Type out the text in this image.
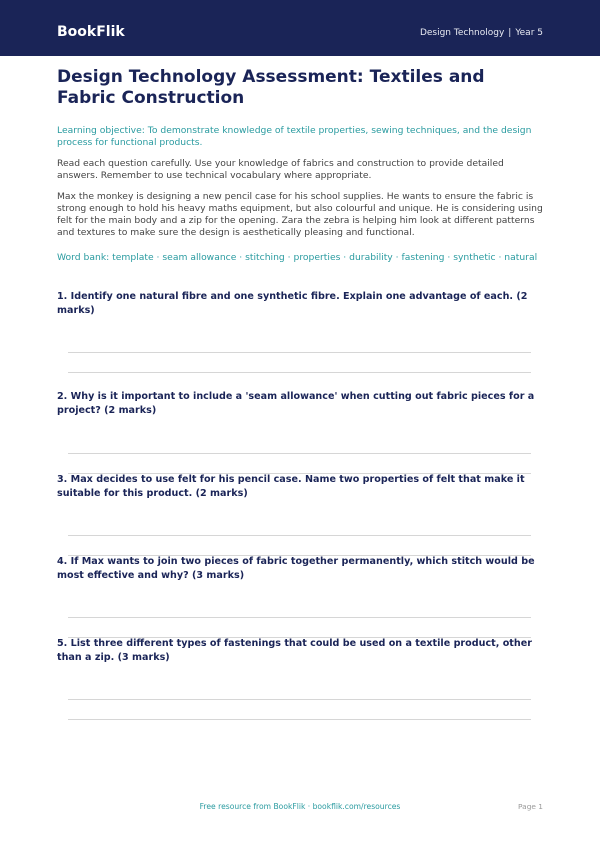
BookFlik	Design Technology | Year 5
Design Technology Assessment: Textiles and Fabric Construction

Learning objective: To demonstrate knowledge of textile properties, sewing techniques, and the design process for functional products.

Read each question carefully. Use your knowledge of fabrics and construction to provide detailed answers. Remember to use technical vocabulary where appropriate.

Max the monkey is designing a new pencil case for his school supplies. He wants to ensure the fabric is strong enough to hold his heavy maths equipment, but also colourful and unique. He is considering using felt for the main body and a zip for the opening. Zara the zebra is helping him look at different patterns and textures to make sure the design is aesthetically pleasing and functional.

Word bank: template · seam allowance · stitching · properties · durability · fastening · synthetic · natural

1. Identify one natural fibre and one synthetic fibre. Explain one advantage of each. (2 marks)

2. Why is it important to include a 'seam allowance' when cutting out fabric pieces for a project? (2 marks)

3. Max decides to use felt for his pencil case. Name two properties of felt that make it suitable for this product. (2 marks)

4. If Max wants to join two pieces of fabric together permanently, which stitch would be most effective and why? (3 marks)

5. List three different types of fastenings that could be used on a textile product, other than a zip. (3 marks)

Free resource from BookFlik · bookflik.com/resources	Page 1
